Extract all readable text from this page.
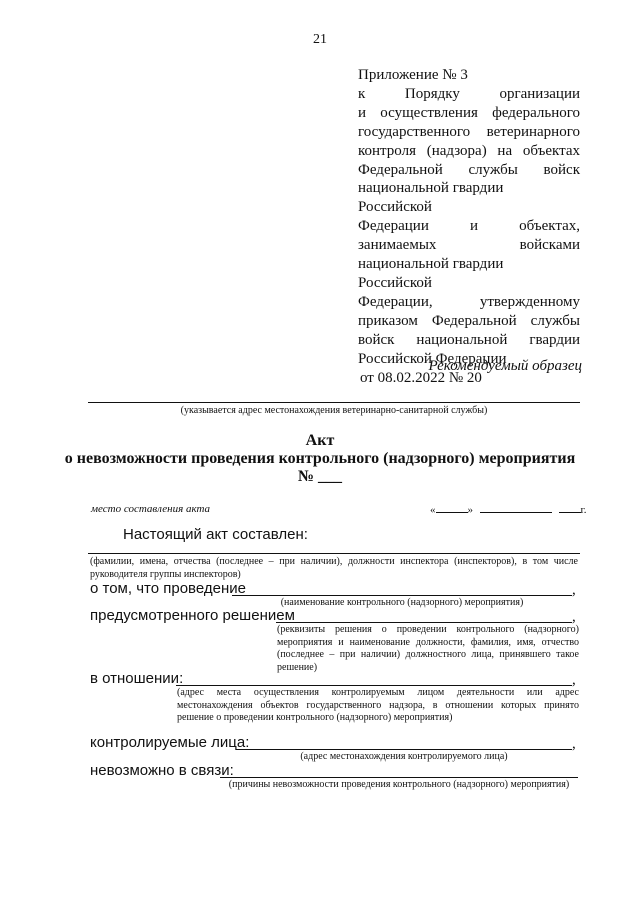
21
Приложение № 3
к	Порядку	организации
и осуществления федерального
государственного ветеринарного
контроля (надзора) на объектах
Федеральной службы войск
национальной гвардии Российской
Федерации	и	объектах,
занимаемых	войсками
национальной гвардии Российской
Федерации,	утвержденному
приказом Федеральной службы
войск национальной гвардии
Российской Федерации
от 08.02.2022 № 20
Рекомендуемый образец
(указывается адрес местонахождения ветеринарно-санитарной службы)
Акт
о невозможности проведения контрольного (надзорного) мероприятия
№ ___
место составления акта	«	»	г.
Настоящий акт составлен:
(фамилии, имена, отчества (последнее – при наличии), должности инспектора (инспекторов), в том числе руководителя группы инспекторов)
о том, что проведение	,
(наименование контрольного (надзорного) мероприятия)
предусмотренного решением	,
(реквизиты решения о проведении контрольного (надзорного) мероприятия и наименование должности, фамилия, имя, отчество (последнее – при наличии) должностного лица, принявшего такое решение)
в отношении:	,
(адрес места осуществления контролируемым лицом деятельности или адрес местонахождения объектов государственного надзора, в отношении которых принято решение о проведении контрольного (надзорного) мероприятия)
контролируемые лица:	,
(адрес местонахождения контролируемого лица)
невозможно в связи:
(причины невозможности проведения контрольного (надзорного) мероприятия)
